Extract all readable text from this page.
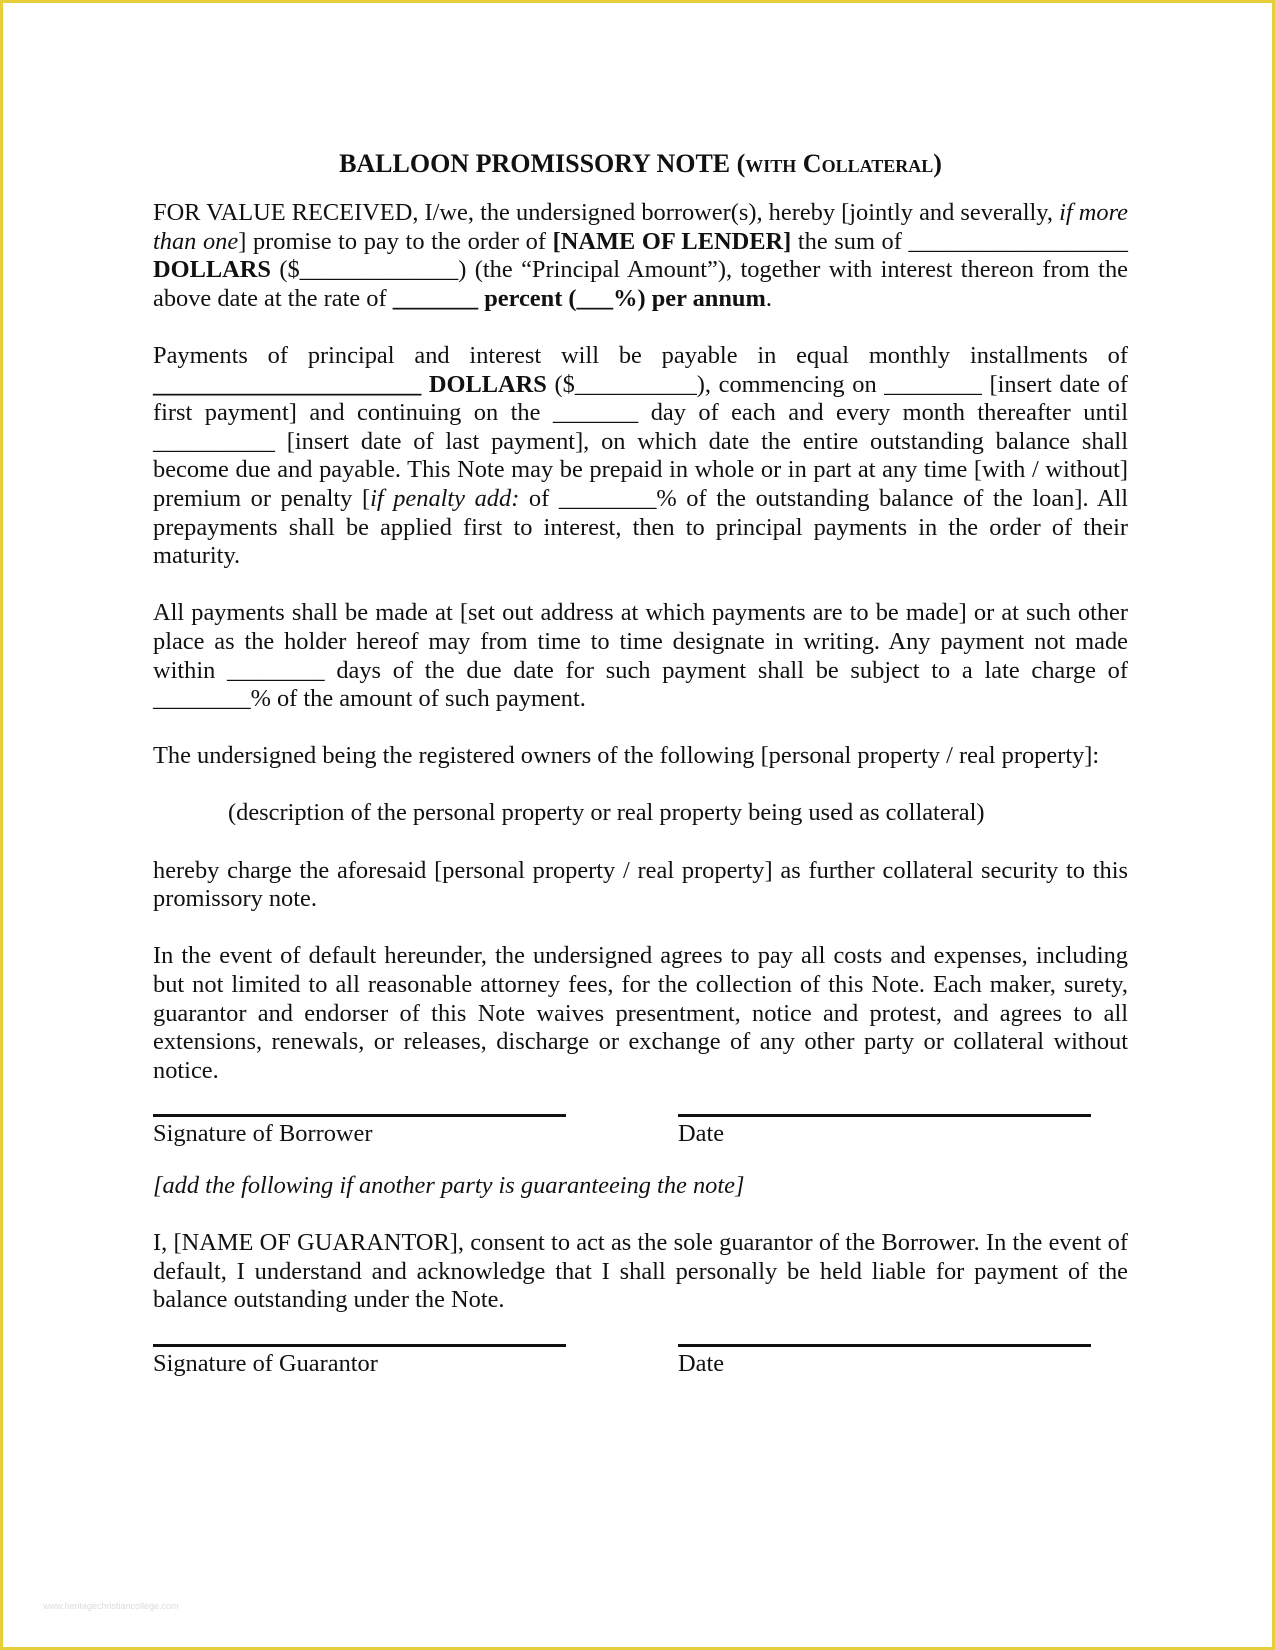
BALLOON PROMISSORY NOTE (with Collateral)

FOR VALUE RECEIVED, I/we, the undersigned borrower(s), hereby [jointly and severally, if more than one] promise to pay to the order of [NAME OF LENDER] the sum of __________________ DOLLARS ($_____________) (the “Principal Amount”), together with interest thereon from the above date at the rate of _______ percent (___%) per annum.

Payments of principal and interest will be payable in equal monthly installments of ______________________ DOLLARS ($__________), commencing on ________ [insert date of first payment] and continuing on the _______ day of each and every month thereafter until __________ [insert date of last payment], on which date the entire outstanding balance shall become due and payable. This Note may be prepaid in whole or in part at any time [with / without] premium or penalty [if penalty add: of ________% of the outstanding balance of the loan]. All prepayments shall be applied first to interest, then to principal payments in the order of their maturity.

All payments shall be made at [set out address at which payments are to be made] or at such other place as the holder hereof may from time to time designate in writing. Any payment not made within ________ days of the due date for such payment shall be subject to a late charge of ________% of the amount of such payment.

The undersigned being the registered owners of the following [personal property / real property]:

(description of the personal property or real property being used as collateral)

hereby charge the aforesaid [personal property / real property] as further collateral security to this promissory note.

In the event of default hereunder, the undersigned agrees to pay all costs and expenses, including but not limited to all reasonable attorney fees, for the collection of this Note. Each maker, surety, guarantor and endorser of this Note waives presentment, notice and protest, and agrees to all extensions, renewals, or releases, discharge or exchange of any other party or collateral without notice.

Signature of Borrower	Date

[add the following if another party is guaranteeing the note]

I, [NAME OF GUARANTOR], consent to act as the sole guarantor of the Borrower. In the event of default, I understand and acknowledge that I shall personally be held liable for payment of the balance outstanding under the Note.

Signature of Guarantor	Date
www.heritagechristiancollege.com
